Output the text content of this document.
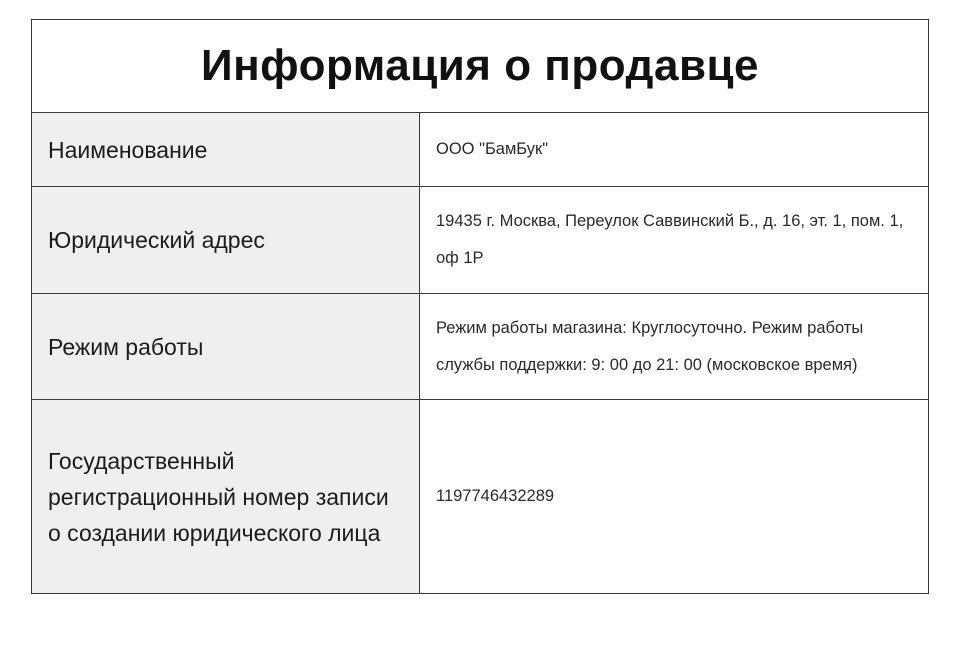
Информация о продавце
Наименование	ООО "БамБук"
Юридический адрес
19435 г. Москва, Переулок Саввинский Б., д. 16, эт. 1, пом. 1, оф 1Р
Режим работы
Режим работы магазина: Круглосуточно. Режим работы службы поддержки: 9: 00 до 21: 00 (московское время)
Государственный регистрационный номер записи о создании юридического лица
1197746432289
